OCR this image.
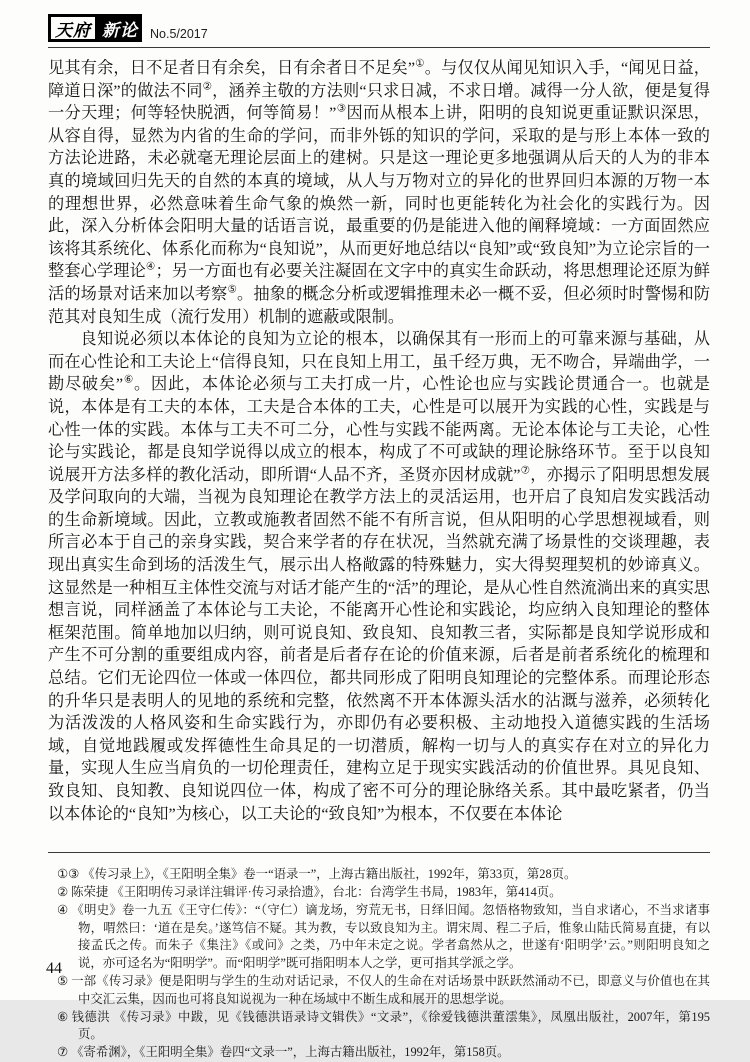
天府 新论 No.5/2017

见其有余，日不足者日有余矣，日有余者日不足矣”①。与仅仅从闻见知识入手，“闻见日益，障道日深”的做法不同②，涵养主敬的方法则“只求日减，不求日增。减得一分人欲，便是复得一分天理；何等轻快脱洒，何等简易！”③因而从根本上讲，阳明的良知说更重证默识深思，从容自得，显然为内省的生命的学问，而非外铄的知识的学问，采取的是与形上本体一致的方法论进路，未必就毫无理论层面上的建树。只是这一理论更多地强调从后天的人为的非本真的境域回归先天的自然的本真的境域，从人与万物对立的异化的世界回归本源的万物一本的理想世界，必然意味着生命气象的焕然一新，同时也更能转化为社会化的实践行为。因此，深入分析体会阳明大量的话语言说，最重要的仍是能进入他的阐释境域：一方面固然应该将其系统化、体系化而称为“良知说”，从而更好地总结以“良知”或“致良知”为立论宗旨的一整套心学理论④；另一方面也有必要关注凝固在文字中的真实生命跃动，将思想理论还原为鲜活的场景对话来加以考察⑤。抽象的概念分析或逻辑推理未必一概不妥，但必须时时警惕和防范其对良知生成（流行发用）机制的遮蔽或限制。

良知说必须以本体论的良知为立论的根本，以确保其有一形而上的可靠来源与基础，从而在心性论和工夫论上“信得良知，只在良知上用工，虽千经万典，无不吻合，异端曲学，一勘尽破矣”⑥。因此，本体论必须与工夫打成一片，心性论也应与实践论贯通合一。也就是说，本体是有工夫的本体，工夫是合本体的工夫，心性是可以展开为实践的心性，实践是与心性一体的实践。本体与工夫不可二分，心性与实践不能两离。无论本体论与工夫论，心性论与实践论，都是良知学说得以成立的根本，构成了不可或缺的理论脉络环节。至于以良知说展开方法多样的教化活动，即所谓“人品不齐，圣贤亦因材成就”⑦，亦揭示了阳明思想发展及学问取向的大端，当视为良知理论在教学方法上的灵活运用，也开启了良知启发实践活动的生命新境域。因此，立教或施教者固然不能不有所言说，但从阳明的心学思想视域看，则所言必本于自己的亲身实践，契合来学者的存在状况，当然就充满了场景性的交谈理趣，表现出真实生命到场的活泼生气，展示出人格敞露的特殊魅力，实大得契理契机的妙谛真义。这显然是一种相互主体性交流与对话才能产生的“活”的理论，是从心性自然流淌出来的真实思想言说，同样涵盖了本体论与工夫论，不能离开心性论和实践论，均应纳入良知理论的整体框架范围。简单地加以归纳，则可说良知、致良知、良知教三者，实际都是良知学说形成和产生不可分割的重要组成内容，前者是后者存在论的价值来源，后者是前者系统化的梳理和总结。它们无论四位一体或一体四位，都共同形成了阳明良知理论的完整体系。而理论形态的升华只是表明人的见地的系统和完整，依然离不开本体源头活水的沾溉与滋养，必须转化为活泼泼的人格风姿和生命实践行为，亦即仍有必要积极、主动地投入道德实践的生活场域，自觉地践履或发挥德性生命具足的一切潜质，解构一切与人的真实存在对立的异化力量，实现人生应当肩负的一切伦理责任，建构立足于现实实践活动的价值世界。具见良知、致良知、良知教、良知说四位一体，构成了密不可分的理论脉络关系。其中最吃紧者，仍当以本体论的“良知”为核心，以工夫论的“致良知”为根本，不仅要在本体论

①③ 《传习录上》，《王阳明全集》卷一“语录一”，上海古籍出版社，1992年，第33页，第28页。
② 陈荣捷 《王阳明传习录详注辑评·传习录拾遗》，台北：台湾学生书局，1983年，第414页。
④ 《明史》卷一九五《王守仁传》：“（守仁）谪龙场，穷荒无书，日绎旧闻。忽悟格物致知，当自求诸心，不当求诸事物，喟然曰：‘道在是矣。’遂笃信不疑。其为教，专以致良知为主。谓宋周、程二子后，惟象山陆氏简易直捷，有以接孟氏之传。而朱子《集注》《或问》之类，乃中年未定之说。学者翕然从之，世遂有‘阳明学’云。”则阳明良知之说，亦可迳名为“阳明学”。而“阳明学”既可指阳明本人之学，更可指其学派之学。
⑤ 一部《传习录》便是阳明与学生的生动对话记录，不仅人的生命在对话场景中跃跃然涌动不已，即意义与价值也在其中交汇云集，因而也可将良知说视为一种在场域中不断生成和展开的思想学说。
⑥ 钱德洪 《传习录》中跋，见《钱德洪语录诗文辑佚》“文录”，《徐爱钱德洪董澐集》，凤凰出版社，2007年，第195页。
⑦ 《寄希渊》，《王阳明全集》卷四“文录一”，上海古籍出版社，1992年，第158页。
44
